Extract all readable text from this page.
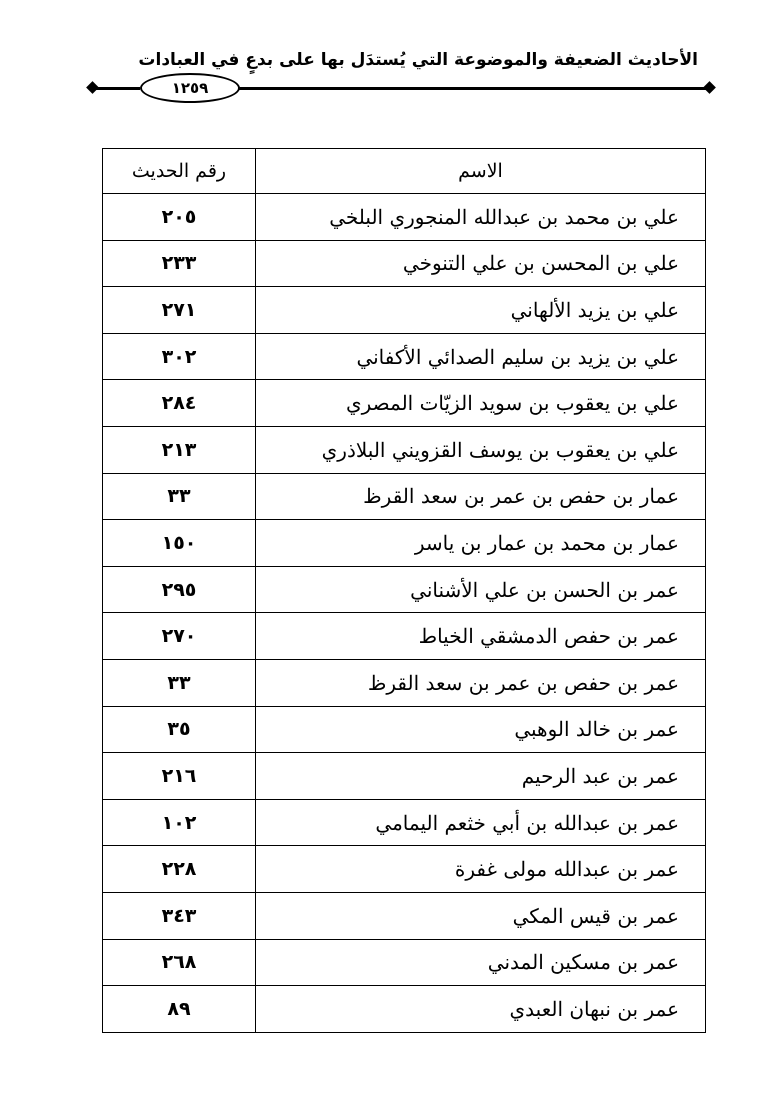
الأحاديث الضعيفة والموضوعة التي يُستدَل بها على بدعٍ في العبادات
١٢٥٩
الاسم	رقم الحديث
علي بن محمد بن عبدالله المنجوري البلخي	٢٠٥
علي بن المحسن بن علي التنوخي	٢٣٣
علي بن يزيد الألهاني	٢٧١
علي بن يزيد بن سليم الصدائي الأكفاني	٣٠٢
علي بن يعقوب بن سويد الزيّات المصري	٢٨٤
علي بن يعقوب بن يوسف القزويني البلاذري	٢١٣
عمار بن حفص بن عمر بن سعد القرظ	٣٣
عمار بن محمد بن عمار بن ياسر	١٥٠
عمر بن الحسن بن علي الأشناني	٢٩٥
عمر بن حفص الدمشقي الخياط	٢٧٠
عمر بن حفص بن عمر بن سعد القرظ	٣٣
عمر بن خالد الوهبي	٣٥
عمر بن عبد الرحيم	٢١٦
عمر بن عبدالله بن أبي خثعم اليمامي	١٠٢
عمر بن عبدالله مولى غفرة	٢٢٨
عمر بن قيس المكي	٣٤٣
عمر بن مسكين المدني	٢٦٨
عمر بن نبهان العبدي	٨٩
